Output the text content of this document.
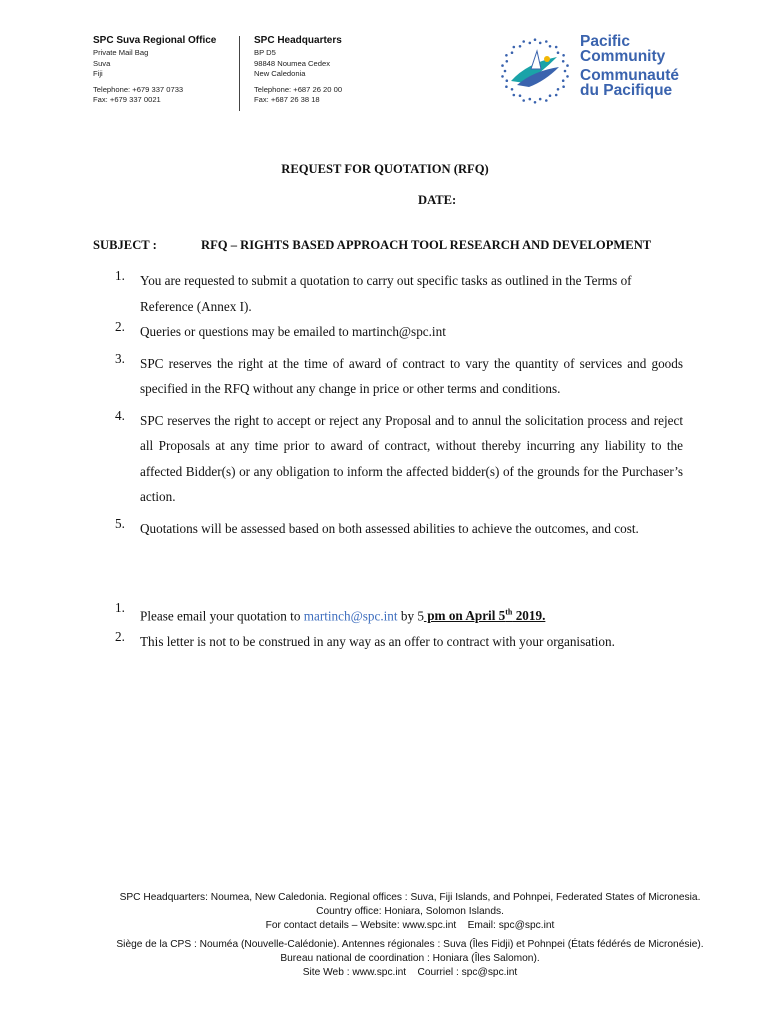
SPC Suva Regional Office
Private Mail Bag
Suva
Fiji
Telephone: +679 337 0733
Fax: +679 337 0021
SPC Headquarters
BP D5
98848 Noumea Cedex
New Caledonia
Telephone: +687 26 20 00
Fax: +687 26 38 18
Pacific
Community
Communauté
du Pacifique
REQUEST FOR QUOTATION (RFQ)
DATE:
SUBJECT :	RFQ – RIGHTS BASED APPROACH TOOL RESEARCH AND DEVELOPMENT
1.	You are requested to submit a quotation to carry out specific tasks as outlined in the Terms of Reference (Annex I).
2.	Queries or questions may be emailed to martinch@spc.int
3.	SPC reserves the right at the time of award of contract to vary the quantity of services and goods specified in the RFQ without any change in price or other terms and conditions.
4.	SPC reserves the right to accept or reject any Proposal and to annul the solicitation process and reject all Proposals at any time prior to award of contract, without thereby incurring any liability to the affected Bidder(s) or any obligation to inform the affected bidder(s) of the grounds for the Purchaser’s action.
5.	Quotations will be assessed based on both assessed abilities to achieve the outcomes, and cost.
1.
Please email your quotation to martinch@spc.int by 5 pm on April 5th 2019.
2.	This letter is not to be construed in any way as an offer to contract with your organisation.
SPC Headquarters: Noumea, New Caledonia. Regional offices : Suva, Fiji Islands, and Pohnpei, Federated States of Micronesia.
Country office: Honiara, Solomon Islands.
For contact details – Website: www.spc.int    Email: spc@spc.int
Siège de la CPS : Nouméa (Nouvelle-Calédonie). Antennes régionales : Suva (Îles Fidji) et Pohnpei (États fédérés de Micronésie). Bureau national de coordination : Honiara (Îles Salomon).
Site Web : www.spc.int    Courriel : spc@spc.int
